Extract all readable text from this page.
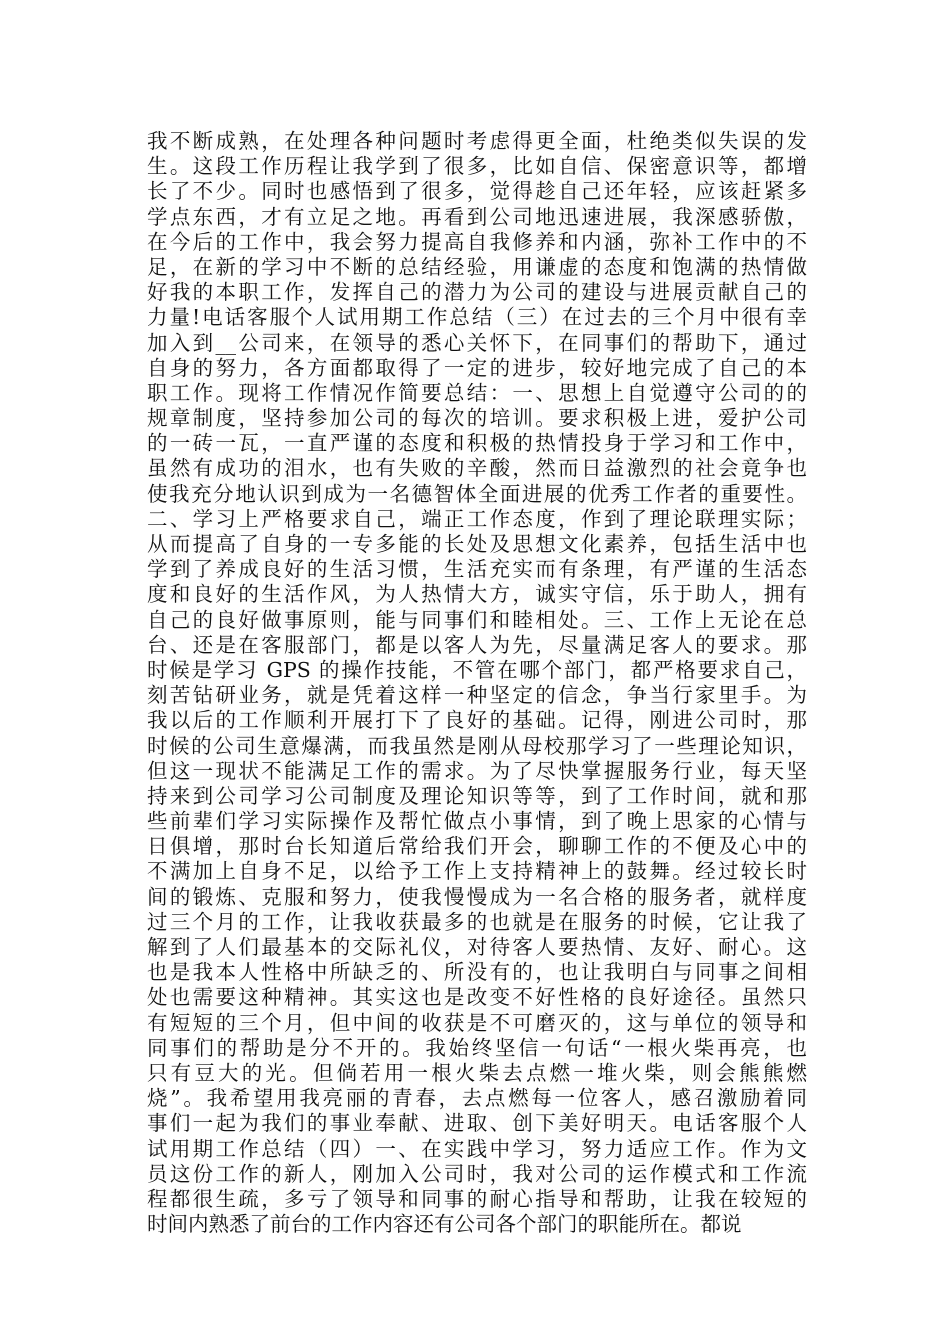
我不断成熟，在处理各种问题时考虑得更全面，杜绝类似失误的发
生。这段工作历程让我学到了很多，比如自信、保密意识等，都增
长了不少。同时也感悟到了很多，觉得趁自己还年轻，应该赶紧多
学点东西，才有立足之地。再看到公司地迅速进展，我深感骄傲，
在今后的工作中，我会努力提高自我修养和内涵，弥补工作中的不
足，在新的学习中不断的总结经验，用谦虚的态度和饱满的热情做
好我的本职工作，发挥自己的潜力为公司的建设与进展贡献自己的
力量!电话客服个人试用期工作总结（三）在过去的三个月中很有幸
加入到__公司来，在领导的悉心关怀下，在同事们的帮助下，通过
自身的努力，各方面都取得了一定的进步，较好地完成了自己的本
职工作。现将工作情况作简要总结：一、思想上自觉遵守公司的的
规章制度，坚持参加公司的每次的培训。要求积极上进，爱护公司
的一砖一瓦，一直严谨的态度和积极的热情投身于学习和工作中，
虽然有成功的泪水，也有失败的辛酸，然而日益激烈的社会竟争也
使我充分地认识到成为一名德智体全面进展的优秀工作者的重要性。
二、学习上严格要求自己，端正工作态度，作到了理论联理实际；
从而提高了自身的一专多能的长处及思想文化素养，包括生活中也
学到了养成良好的生活习惯，生活充实而有条理，有严谨的生活态
度和良好的生活作风，为人热情大方，诚实守信，乐于助人，拥有
自己的良好做事原则，能与同事们和睦相处。三、工作上无论在总
台、还是在客服部门，都是以客人为先，尽量满足客人的要求。那
时候是学习 GPS 的操作技能，不管在哪个部门，都严格要求自己，
刻苦钻研业务，就是凭着这样一种坚定的信念，争当行家里手。为
我以后的工作顺利开展打下了良好的基础。记得，刚进公司时，那
时候的公司生意爆满，而我虽然是刚从母校那学习了一些理论知识，
但这一现状不能满足工作的需求。为了尽快掌握服务行业，每天坚
持来到公司学习公司制度及理论知识等等，到了工作时间，就和那
些前辈们学习实际操作及帮忙做点小事情，到了晚上思家的心情与
日俱增，那时台长知道后常给我们开会，聊聊工作的不便及心中的
不满加上自身不足，以给予工作上支持精神上的鼓舞。经过较长时
间的锻炼、克服和努力，使我慢慢成为一名合格的服务者，就样度
过三个月的工作，让我收获最多的也就是在服务的时候，它让我了
解到了人们最基本的交际礼仪，对待客人要热情、友好、耐心。这
也是我本人性格中所缺乏的、所没有的，也让我明白与同事之间相
处也需要这种精神。其实这也是改变不好性格的良好途径。虽然只
有短短的三个月，但中间的收获是不可磨灭的，这与单位的领导和
同事们的帮助是分不开的。我始终坚信一句话“一根火柴再亮，也
只有豆大的光。但倘若用一根火柴去点燃一堆火柴，则会熊熊燃
烧”。我希望用我亮丽的青春，去点燃每一位客人，感召激励着同
事们一起为我们的事业奉献、进取、创下美好明天。电话客服个人
试用期工作总结（四）一、在实践中学习，努力适应工作。作为文
员这份工作的新人，刚加入公司时，我对公司的运作模式和工作流
程都很生疏，多亏了领导和同事的耐心指导和帮助，让我在较短的
时间内熟悉了前台的工作内容还有公司各个部门的职能所在。都说
